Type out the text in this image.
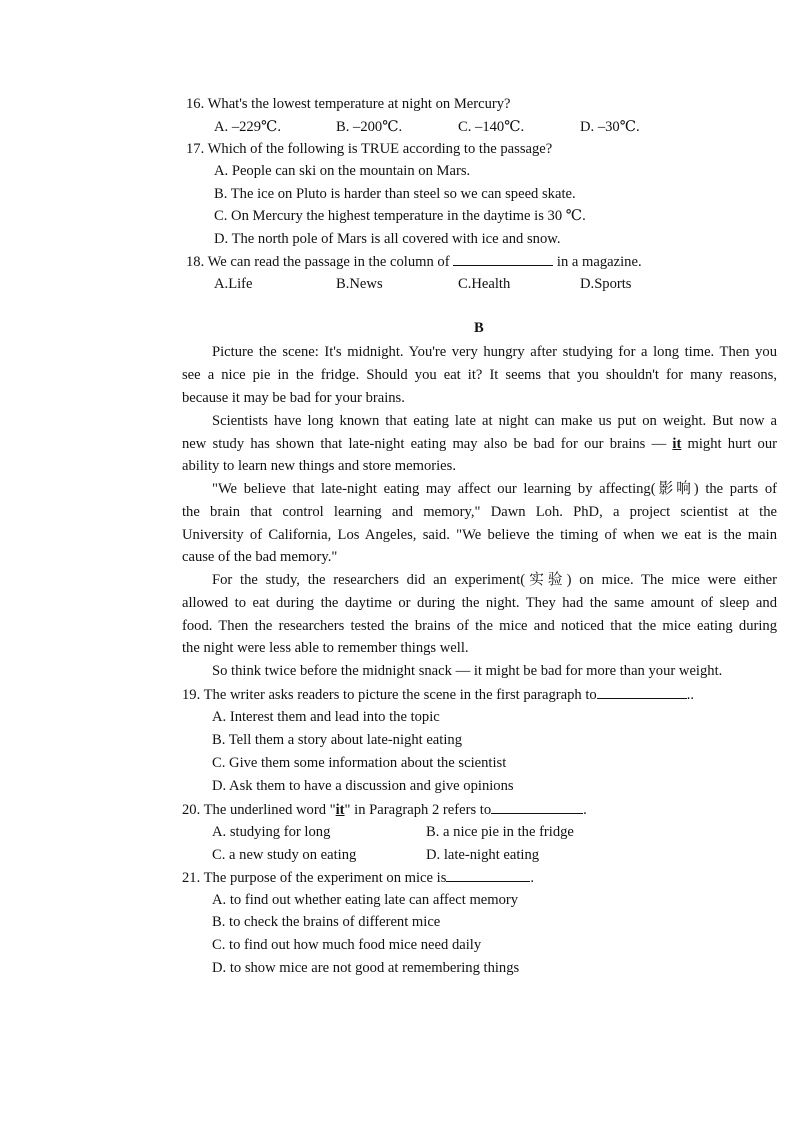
16. What's the lowest temperature at night on Mercury?
A. –229℃.	B. –200℃.	C. –140℃.	D. –30℃.
17. Which of the following is TRUE according to the passage?
A. People can ski on the mountain on Mars.
B. The ice on Pluto is harder than steel so we can speed skate.
C. On Mercury the highest temperature in the daytime is 30 ℃.
D. The north pole of Mars is all covered with ice and snow.
18. We can read the passage in the column of	in a magazine.
A.Life	B.News	C.Health	D.Sports
B
Picture the scene: It's midnight. You're very hungry after studying for a long time. Then you
see a nice pie in the fridge. Should you eat it? It seems that you shouldn't for many reasons,
because it may be bad for your brains.
Scientists have long known that eating late at night can make us put on weight. But now a
new study has shown that late-night eating may also be bad for our brains — it might hurt our
ability to learn new things and store memories.
"We believe that late-night eating may affect our learning by affecting(影响) the parts of
the brain that control learning and memory," Dawn Loh. PhD, a project scientist at the
University of California, Los Angeles, said. "We believe the timing of when we eat is the main
cause of the bad memory."
For the study, the researchers did an experiment(实验) on mice. The mice were either
allowed to eat during the daytime or during the night. They had the same amount of sleep and
food. Then the researchers tested the brains of the mice and noticed that the mice eating during
the night were less able to remember things well.
So think twice before the midnight snack — it might be bad for more than your weight.
19. The writer asks readers to picture the scene in the first paragraph to	..
A. Interest them and lead into the topic
B. Tell them a story about late-night eating
C. Give them some information about the scientist
D. Ask them to have a discussion and give opinions
20. The underlined word "it" in Paragraph 2 refers to	.
A. studying for long	B. a nice pie in the fridge
C. a new study on eating	D. late-night eating
21. The purpose of the experiment on mice is	.
A. to find out whether eating late can affect memory
B. to check the brains of different mice
C. to find out how much food mice need daily
D. to show mice are not good at remembering things
